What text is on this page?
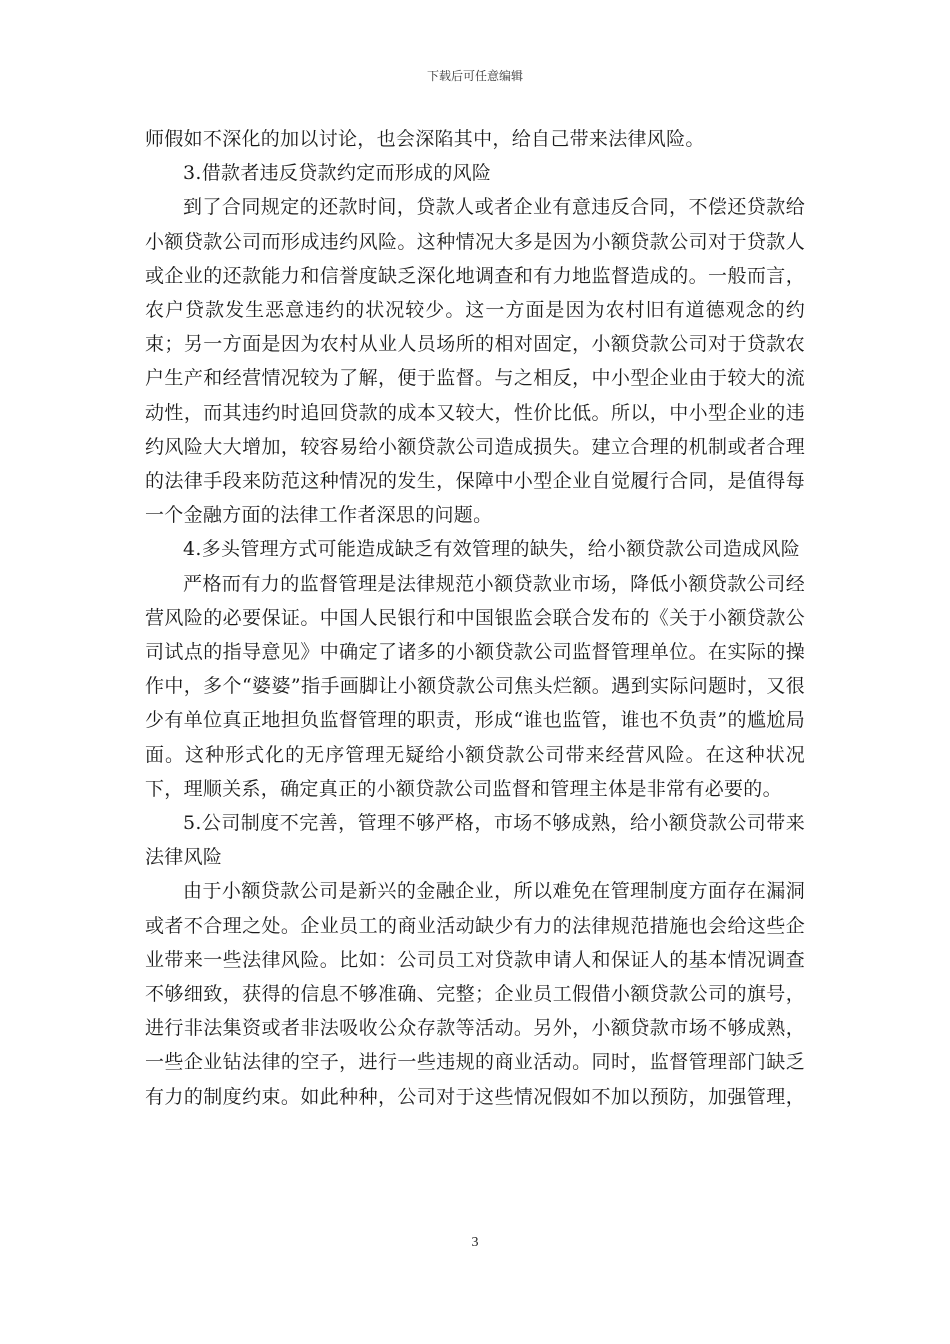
下载后可任意编辑

师假如不深化的加以讨论，也会深陷其中，给自己带来法律风险。

3.借款者违反贷款约定而形成的风险

到了合同规定的还款时间，贷款人或者企业有意违反合同，不偿还贷款给小额贷款公司而形成违约风险。这种情况大多是因为小额贷款公司对于贷款人或企业的还款能力和信誉度缺乏深化地调查和有力地监督造成的。一般而言，农户贷款发生恶意违约的状况较少。这一方面是因为农村旧有道德观念的约束；另一方面是因为农村从业人员场所的相对固定，小额贷款公司对于贷款农户生产和经营情况较为了解，便于监督。与之相反，中小型企业由于较大的流动性，而其违约时追回贷款的成本又较大，性价比低。所以，中小型企业的违约风险大大增加，较容易给小额贷款公司造成损失。建立合理的机制或者合理的法律手段来防范这种情况的发生，保障中小型企业自觉履行合同，是值得每一个金融方面的法律工作者深思的问题。

4.多头管理方式可能造成缺乏有效管理的缺失，给小额贷款公司造成风险

严格而有力的监督管理是法律规范小额贷款业市场，降低小额贷款公司经营风险的必要保证。中国人民银行和中国银监会联合发布的《关于小额贷款公司试点的指导意见》中确定了诸多的小额贷款公司监督管理单位。在实际的操作中，多个“婆婆”指手画脚让小额贷款公司焦头烂额。遇到实际问题时，又很少有单位真正地担负监督管理的职责，形成“谁也监管，谁也不负责”的尴尬局面。这种形式化的无序管理无疑给小额贷款公司带来经营风险。在这种状况下，理顺关系，确定真正的小额贷款公司监督和管理主体是非常有必要的。

5.公司制度不完善，管理不够严格，市场不够成熟，给小额贷款公司带来法律风险

由于小额贷款公司是新兴的金融企业，所以难免在管理制度方面存在漏洞或者不合理之处。企业员工的商业活动缺少有力的法律规范措施也会给这些企业带来一些法律风险。比如：公司员工对贷款申请人和保证人的基本情况调查不够细致，获得的信息不够准确、完整；企业员工假借小额贷款公司的旗号，进行非法集资或者非法吸收公众存款等活动。另外，小额贷款市场不够成熟，一些企业钻法律的空子，进行一些违规的商业活动。同时，监督管理部门缺乏有力的制度约束。如此种种，公司对于这些情况假如不加以预防，加强管理，

3
